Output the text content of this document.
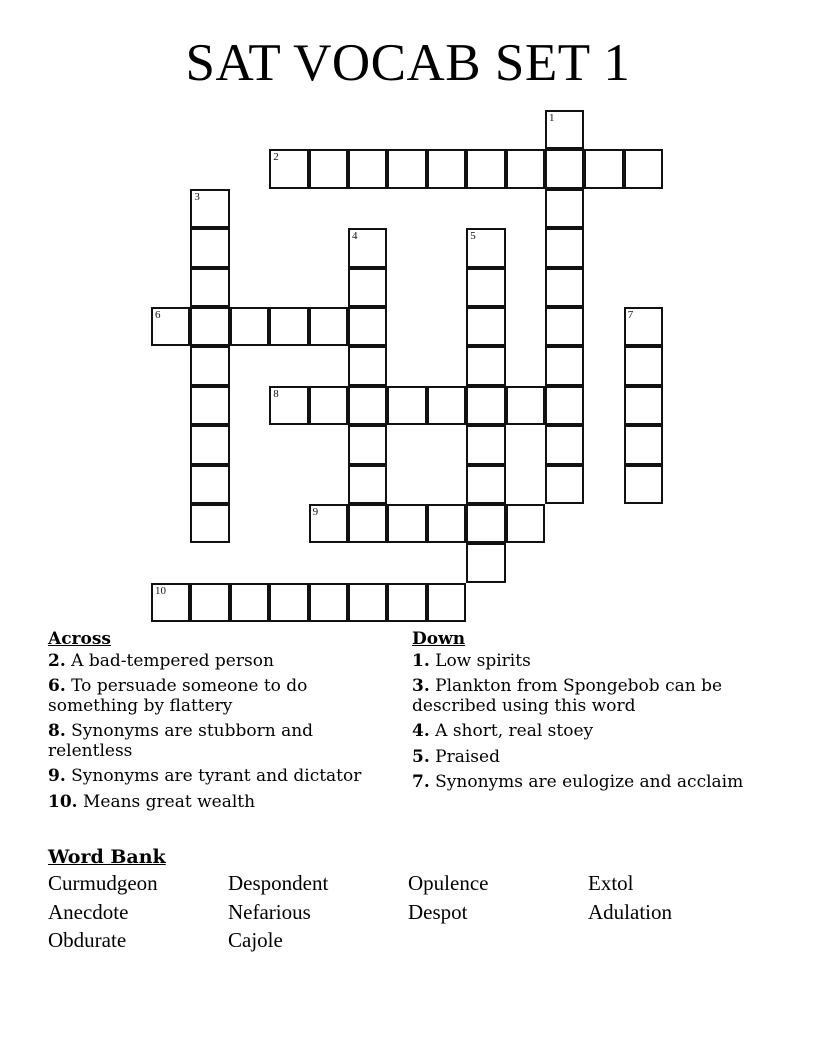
SAT VOCAB SET 1
1
2
3
4	5
6	7
8
9
10
Across
2. A bad-tempered person
6. To persuade someone to do something by flattery
8. Synonyms are stubborn and relentless
9. Synonyms are tyrant and dictator
10. Means great wealth
Down
1. Low spirits
3. Plankton from Spongebob can be described using this word
4. A short, real stoey
5. Praised
7. Synonyms are eulogize and acclaim
Word Bank
Curmudgeon	Despondent	Opulence	Extol
Anecdote	Nefarious	Despot	Adulation
Obdurate	Cajole
